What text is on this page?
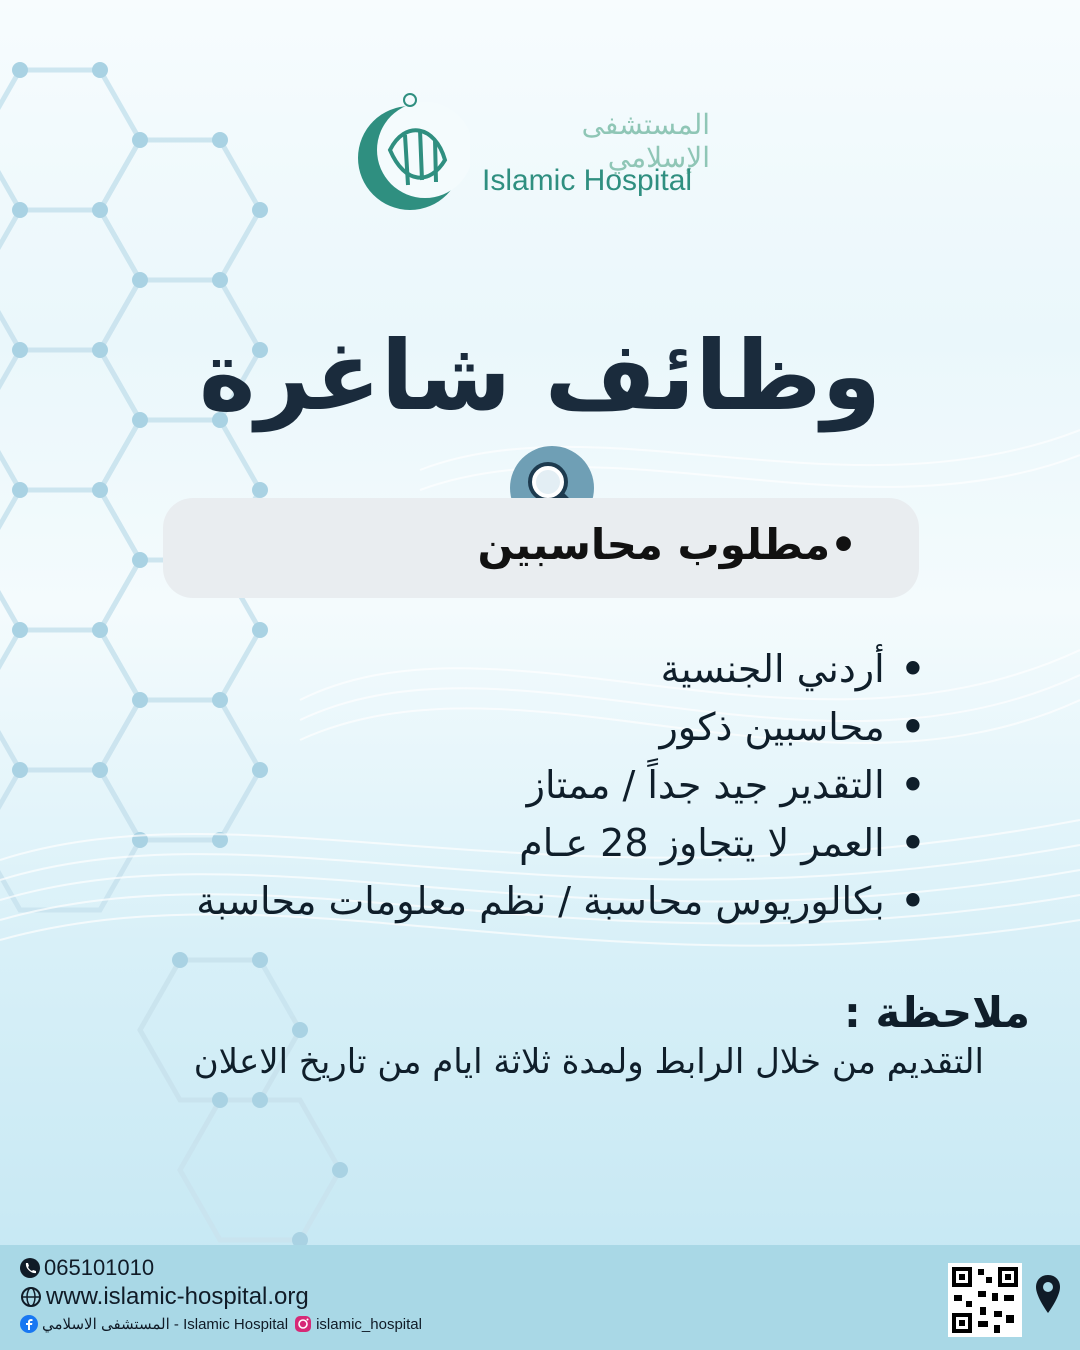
المستشفى الإسلامي
Islamic Hospital
وظائف شاغرة
•مطلوب محاسبين
•أردني الجنسية
•محاسبين ذكور
•التقدير جيد جداً / ممتاز
•العمر لا يتجاوز 28 عـام
•بكالوريوس محاسبة / نظم معلومات محاسبة
ملاحظة :
التقديم من خلال الرابط ولمدة ثلاثة ايام من تاريخ الاعلان
065101010
www.islamic-hospital.org
المستشفى الاسلامي - Islamic Hospital islamic_hospital
